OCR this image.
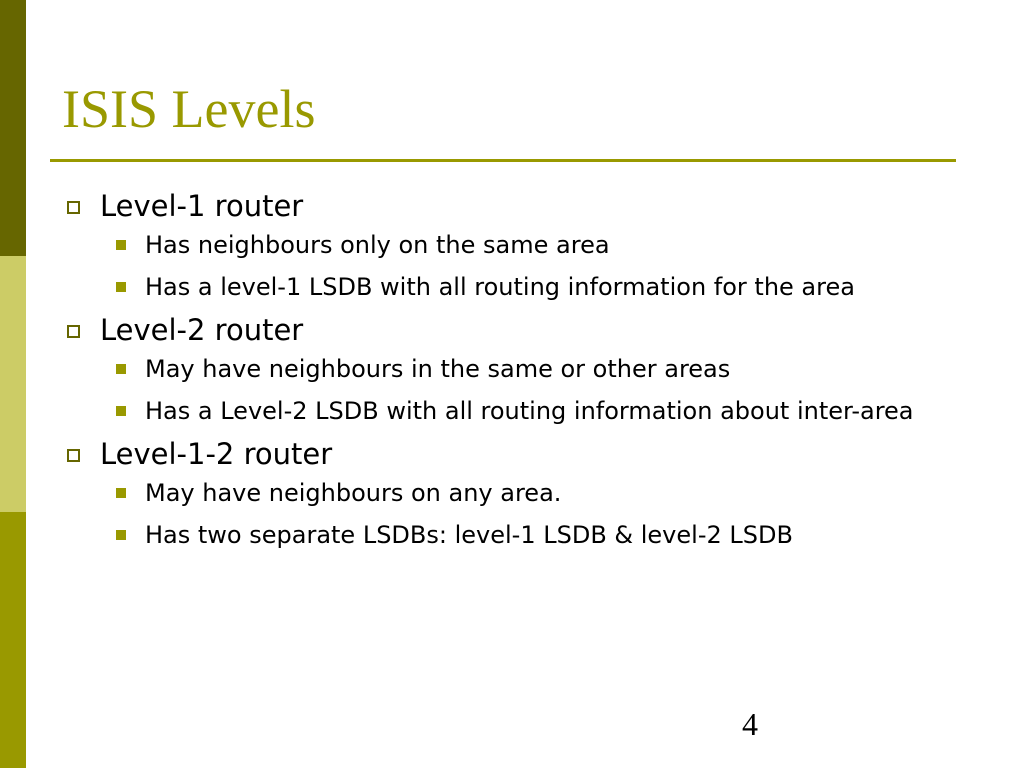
ISIS Levels
Level-1 router
Has neighbours only on the same area
Has a level-1 LSDB with all routing information for the area
Level-2 router
May have neighbours in the same or other areas
Has a Level-2 LSDB with all routing information about inter-area
Level-1-2 router
May have neighbours on any area.
Has two separate LSDBs: level-1 LSDB & level-2 LSDB
4
